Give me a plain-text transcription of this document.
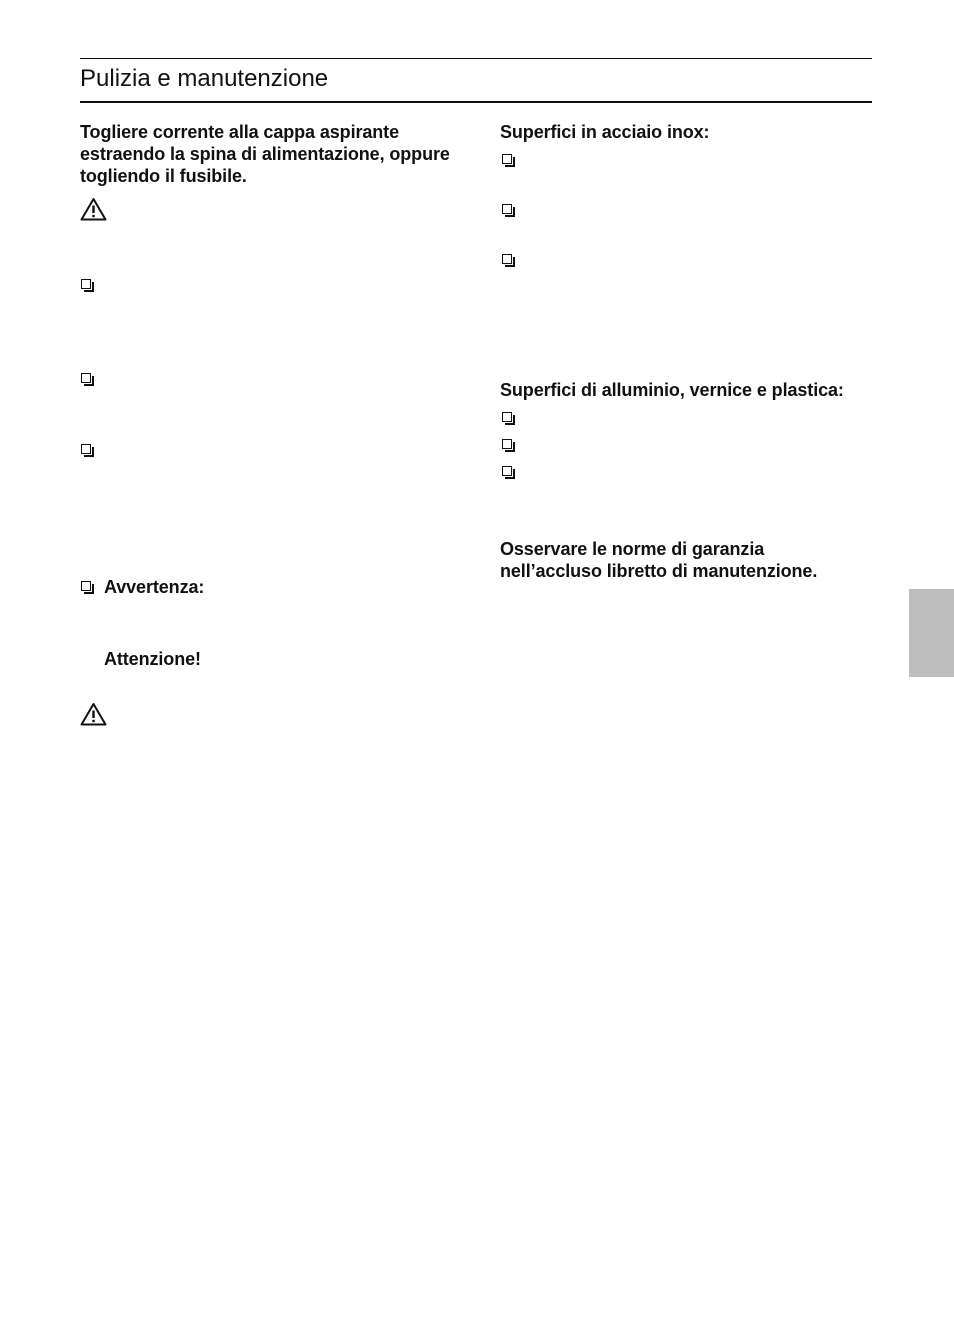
Pulizia e manutenzione
Togliere corrente alla cappa aspirante estraendo la spina di alimentazione, oppure togliendo il fusibile.
Avvertenza:
Attenzione!
Superfici in acciaio inox:
Superfici di alluminio, vernice e plastica:
Osservare le norme di garanzia nell’accluso libretto di manutenzione.
